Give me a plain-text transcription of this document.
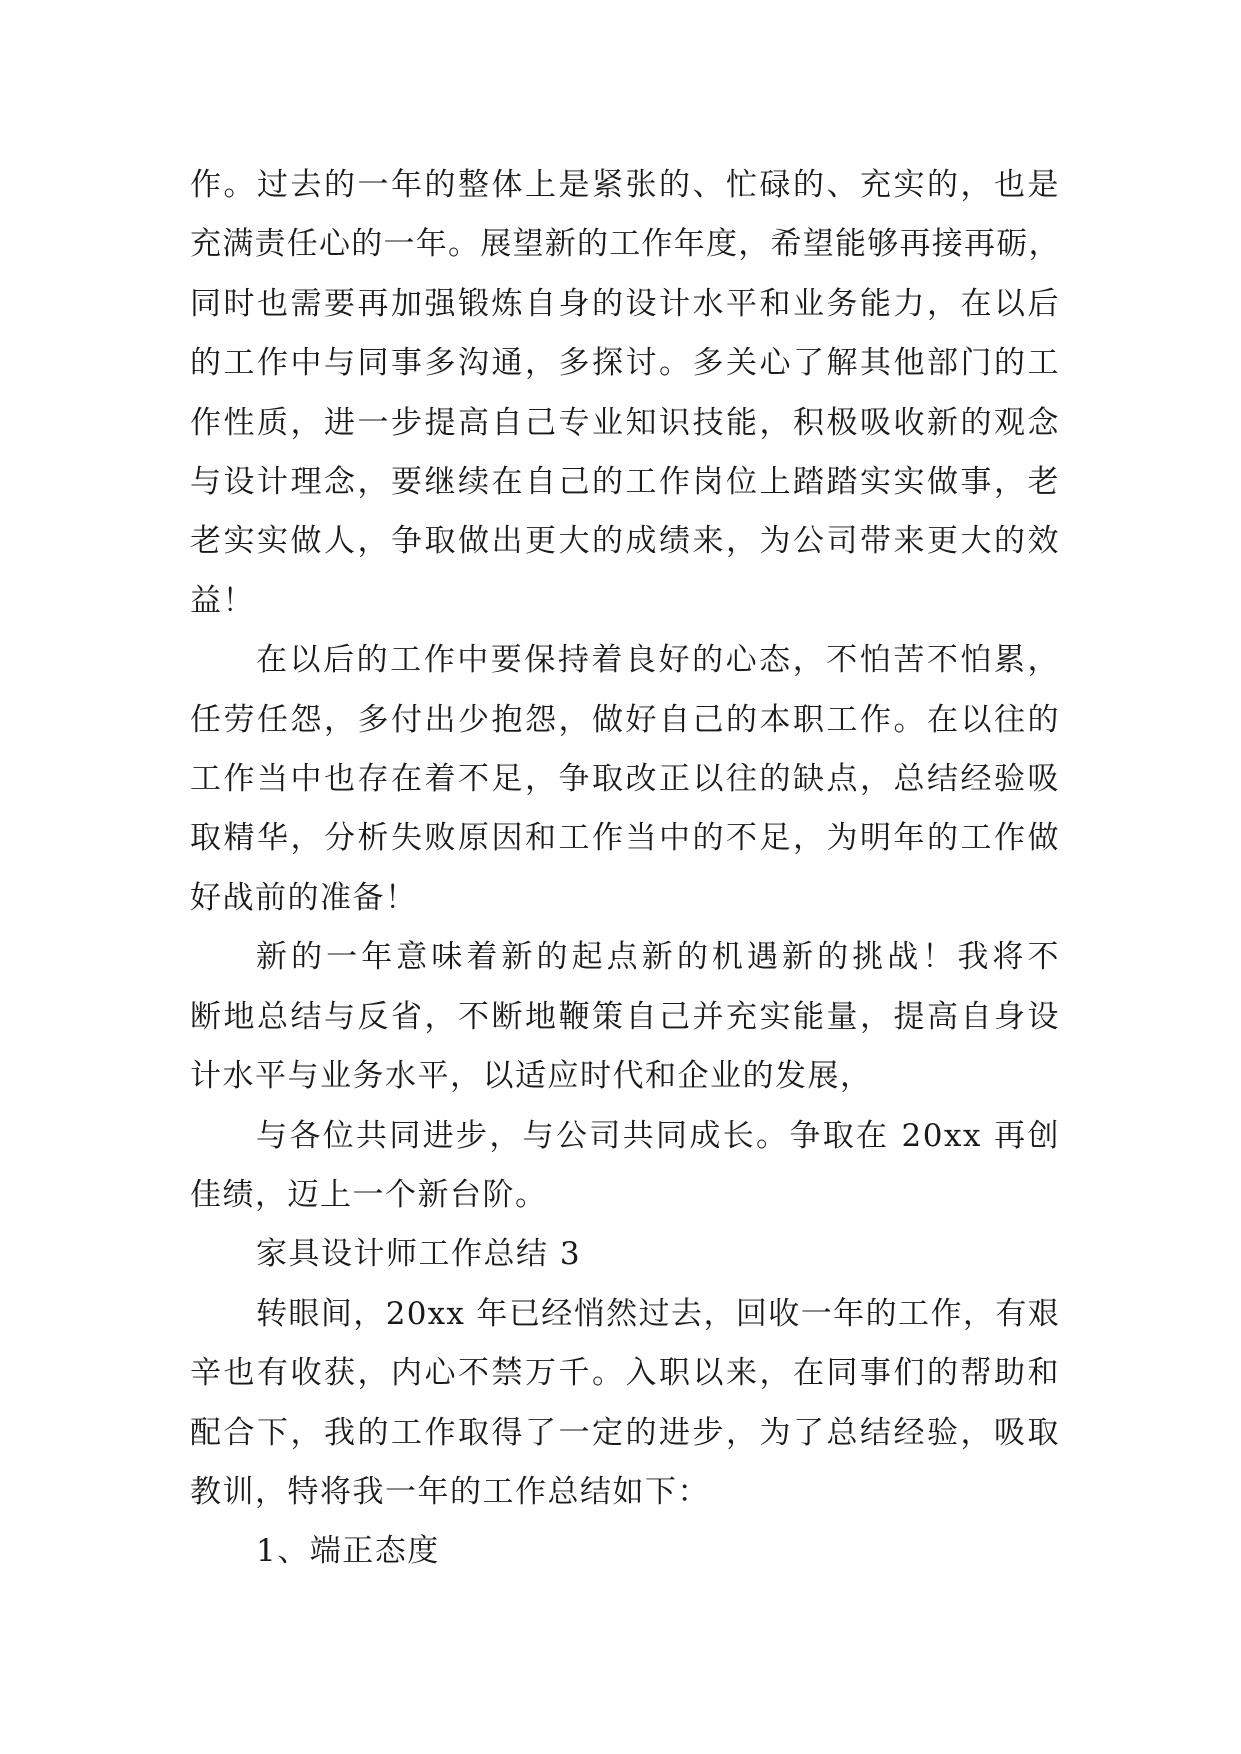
作。过去的一年的整体上是紧张的、忙碌的、充实的，也是
充满责任心的一年。展望新的工作年度，希望能够再接再砺，
同时也需要再加强锻炼自身的设计水平和业务能力，在以后
的工作中与同事多沟通，多探讨。多关心了解其他部门的工
作性质，进一步提高自己专业知识技能，积极吸收新的观念
与设计理念，要继续在自己的工作岗位上踏踏实实做事，老
老实实做人，争取做出更大的成绩来，为公司带来更大的效
益！

在以后的工作中要保持着良好的心态，不怕苦不怕累，
任劳任怨，多付出少抱怨，做好自己的本职工作。在以往的
工作当中也存在着不足，争取改正以往的缺点，总结经验吸
取精华，分析失败原因和工作当中的不足，为明年的工作做
好战前的准备！

新的一年意味着新的起点新的机遇新的挑战！我将不
断地总结与反省，不断地鞭策自己并充实能量，提高自身设
计水平与业务水平，以适应时代和企业的发展，

与各位共同进步，与公司共同成长。争取在 20xx 再创
佳绩，迈上一个新台阶。

家具设计师工作总结 3

转眼间，20xx 年已经悄然过去，回收一年的工作，有艰
辛也有收获，内心不禁万千。入职以来，在同事们的帮助和
配合下，我的工作取得了一定的进步，为了总结经验，吸取
教训，特将我一年的工作总结如下：

1、端正态度
